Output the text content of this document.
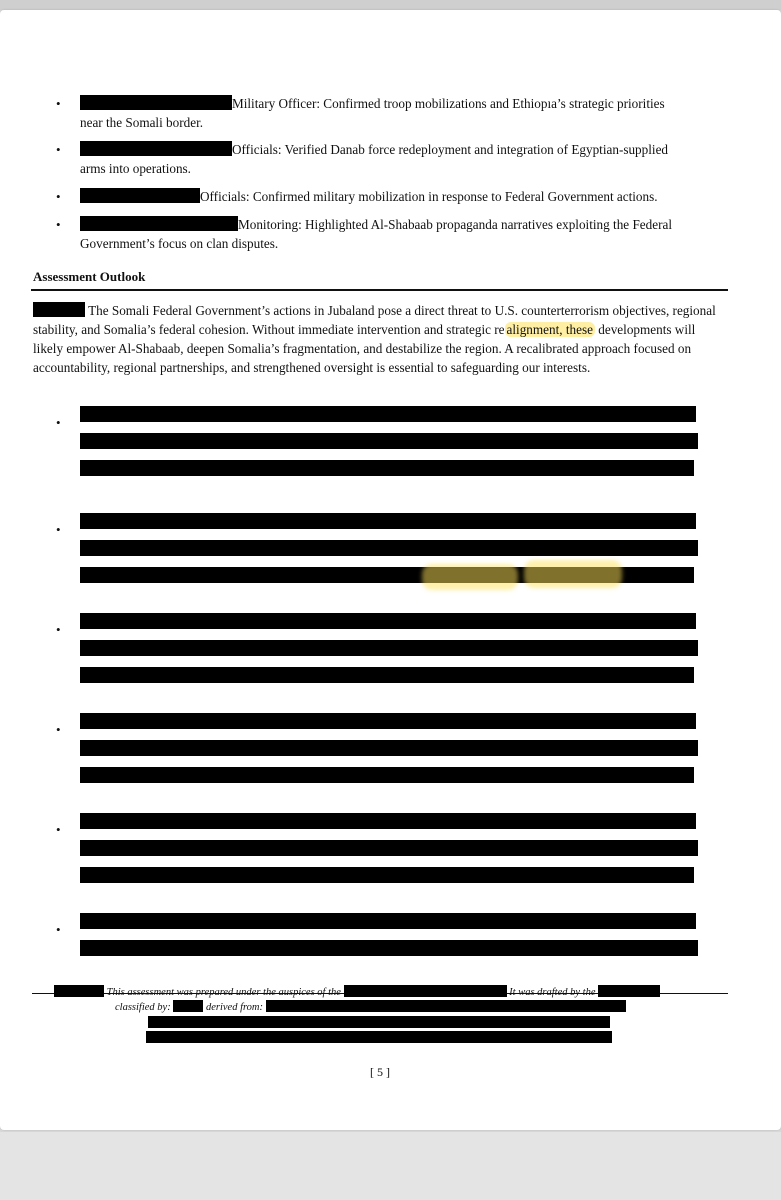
•	Military Officer: Confirmed troop mobilizations and Ethiopıa’s strategic priorities
near the Somali border.
•	Officials: Verified Danab force redeployment and integration of Egyptian-supplied
arms into operations.
•	Officials: Confirmed military mobilization in response to Federal Government actions.
•	Monitoring: Highlighted Al-Shabaab propaganda narratives exploiting the Federal
Government’s focus on clan disputes.
Assessment Outlook
The Somali Federal Government’s actions in Jubaland pose a direct threat to U.S. counterterrorism objectives, regional stability, and Somalia’s federal cohesion. Without immediate intervention and strategic re alignment, these developments will likely empower Al-Shabaab, deepen Somalia’s fragmentation, and destabilize the region. A recalibrated approach focused on accountability, regional partnerships, and strengthened oversight is essential to safeguarding our interests.
•
•
•
•
•
•
This assessment was prepared under the auspices of the	It was drafted by the
classified by:	derived from:
[ 5 ]
